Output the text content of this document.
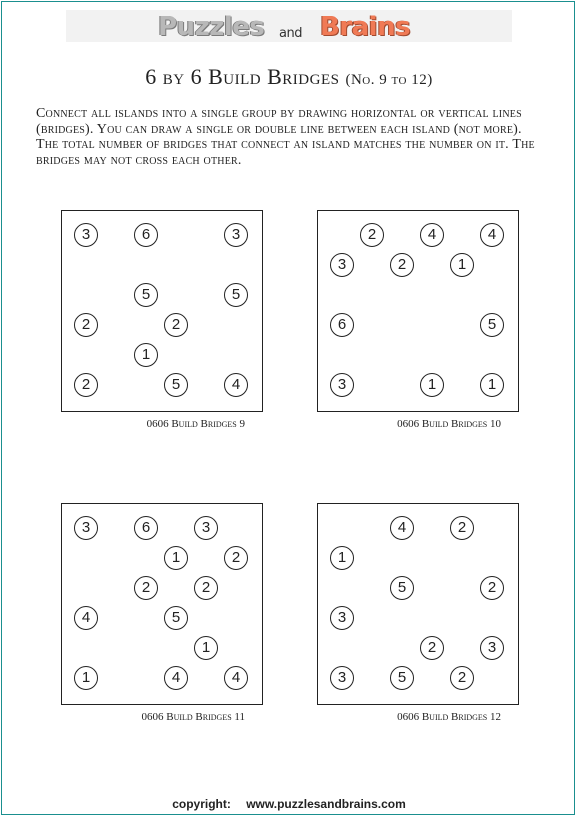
Puzzles and Brains
6 by 6 Build Bridges (No. 9 to 12)

Connect all islands into a single group by drawing horizontal or vertical lines (bridges). You can draw a single or double line between each island (not more). The total number of bridges that connect an island matches the number on it. The bridges may not cross each other.

0606 Build Bridges 9
3	6	3
5	5
2	2
1
2	5	4
0606 Build Bridges 10
2	4	4
3	2	1
6	5
3	1	1
0606 Build Bridges 11
3	6	3
1	2
2	2
4	5
1
1	4	4
0606 Build Bridges 12
4	2
1
5	2
3
2	3
3	5	2
copyright: www.puzzlesandbrains.com
